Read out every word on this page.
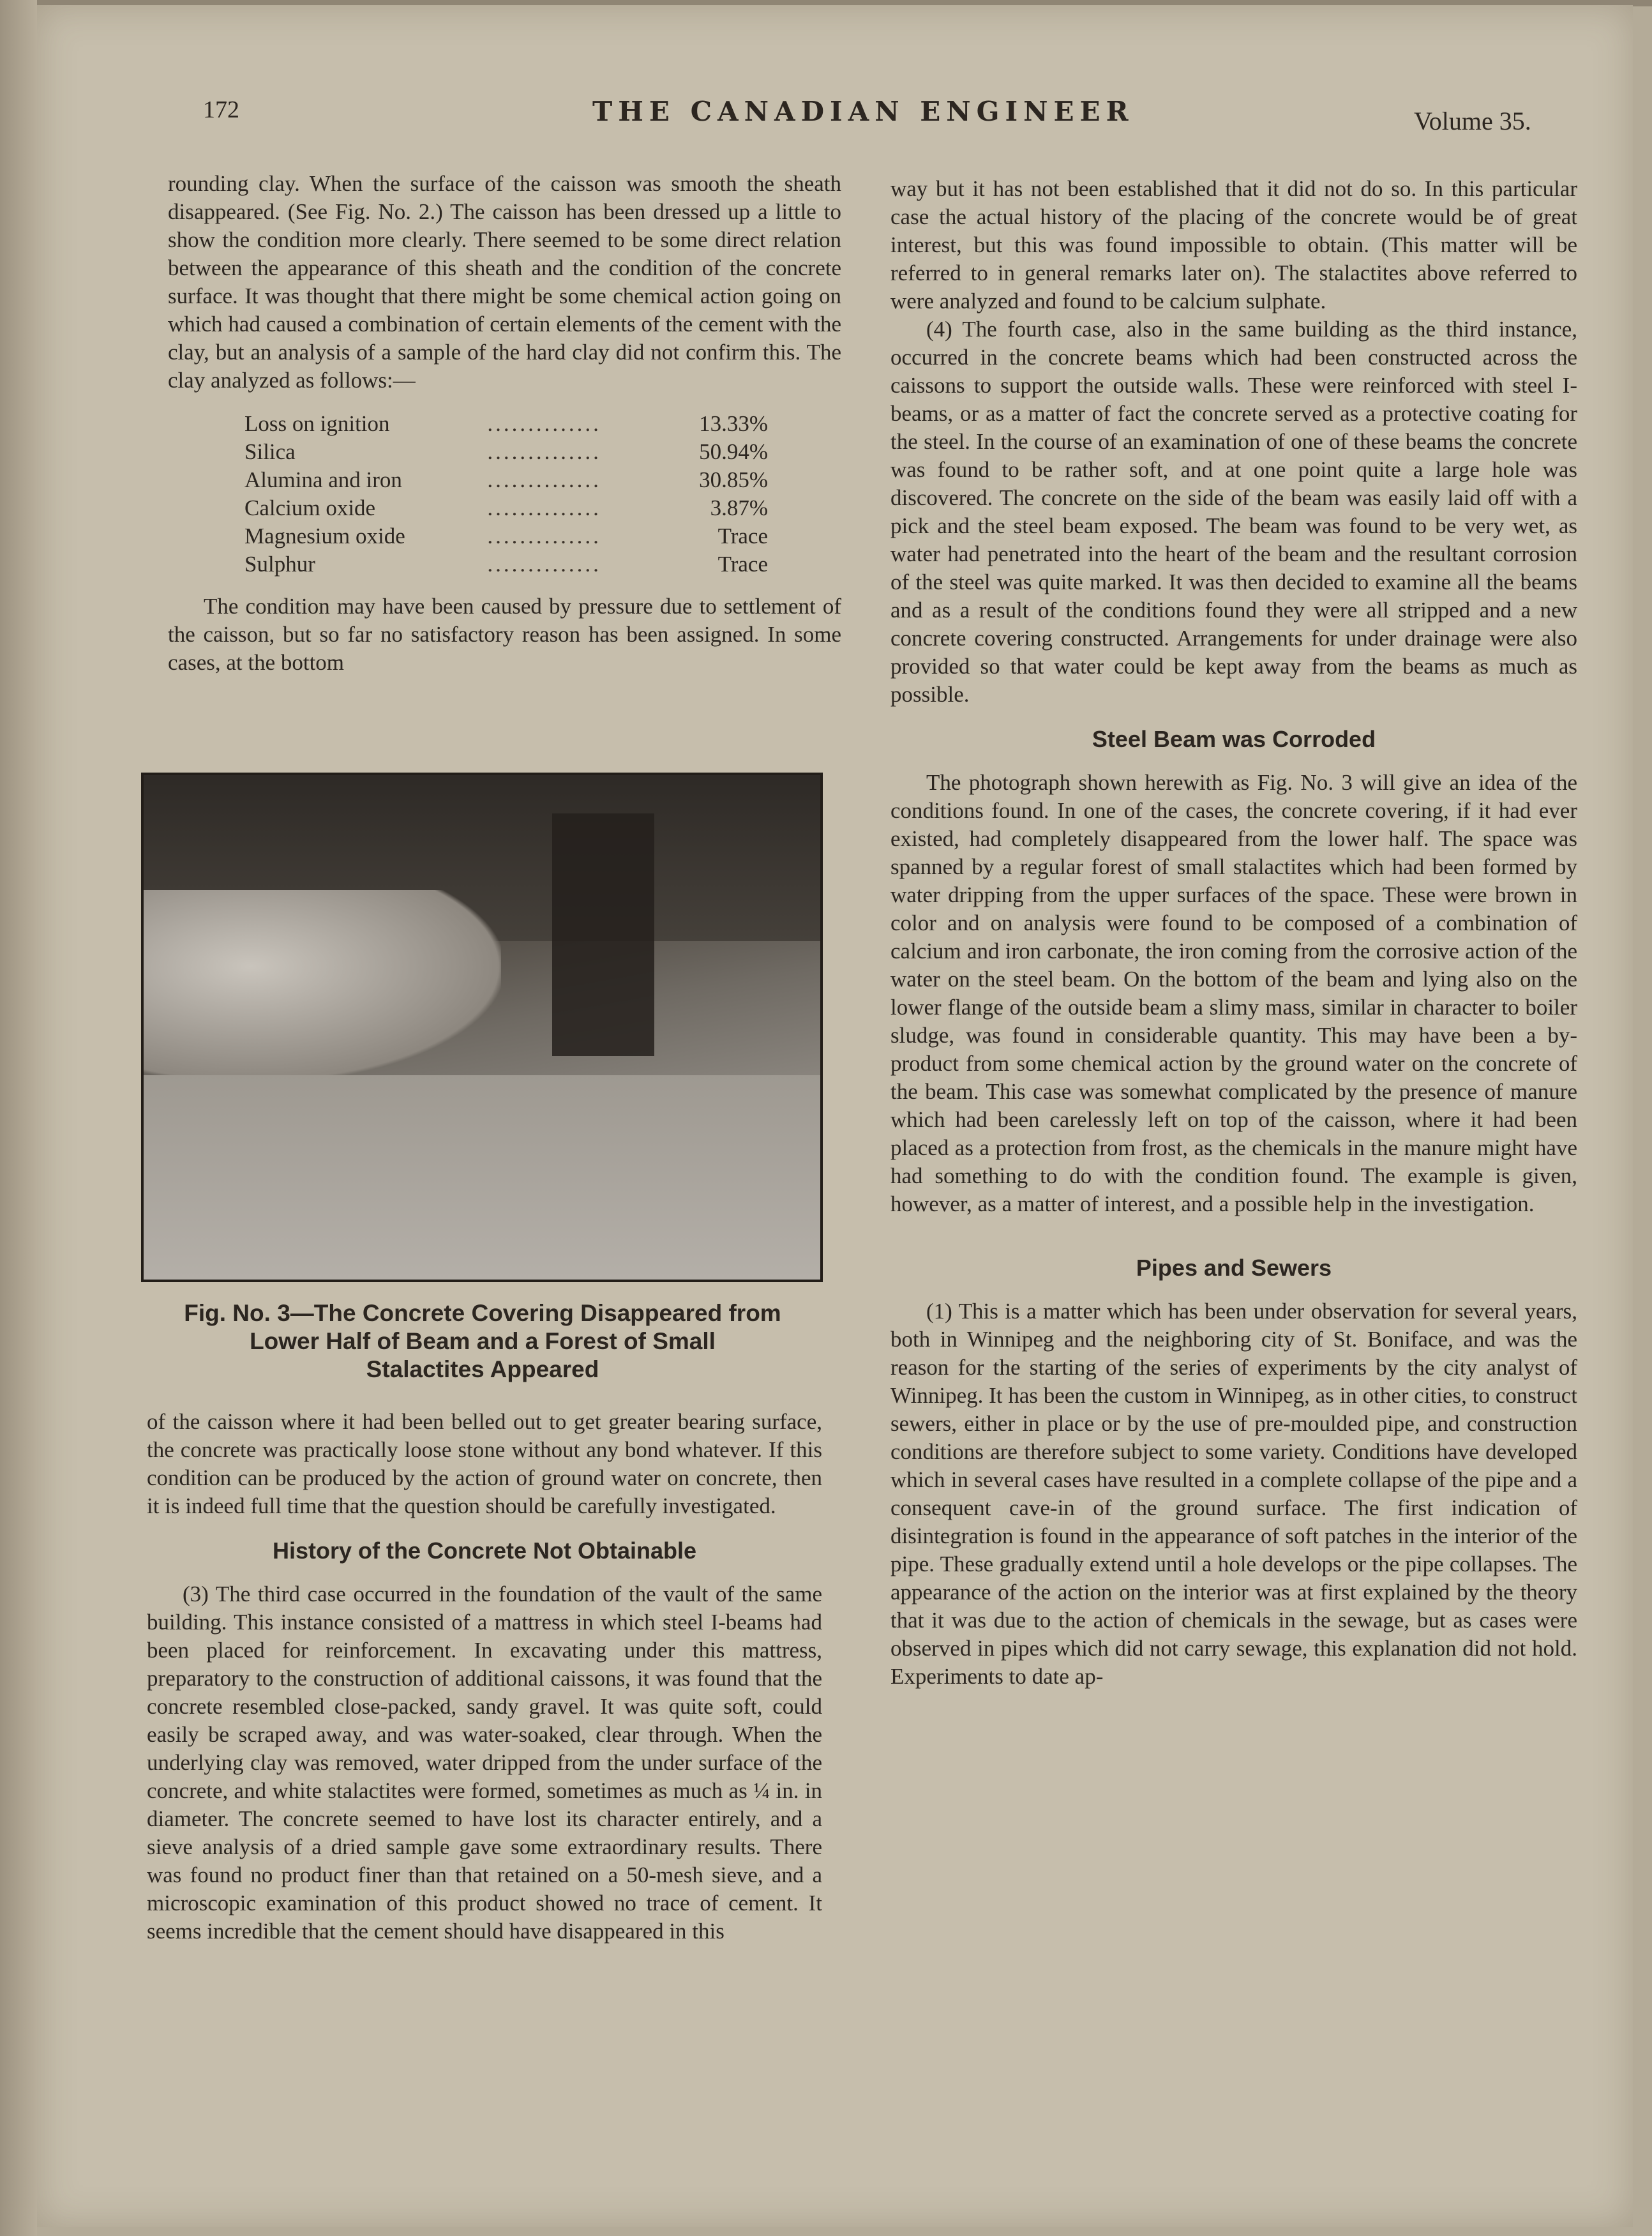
172	THE CANADIAN ENGINEER	Volume 35.

rounding clay. When the surface of the caisson was smooth the sheath disappeared. (See Fig. No. 2.) The caisson has been dressed up a little to show the condition more clearly. There seemed to be some direct relation between the appearance of this sheath and the condition of the concrete surface. It was thought that there might be some chemical action going on which had caused a combination of certain elements of the cement with the clay, but an analysis of a sample of the hard clay did not confirm this. The clay analyzed as follows:—

Loss on ignition	..............	13.33%
Silica	..............	50.94%
Alumina and iron	..............	30.85%
Calcium oxide	..............	3.87%
Magnesium oxide	..............	Trace
Sulphur	..............	Trace

The condition may have been caused by pressure due to settlement of the caisson, but so far no satisfactory reason has been assigned. In some cases, at the bottom

Fig. No. 3—The Concrete Covering Disappeared from
Lower Half of Beam and a Forest of Small
Stalactites Appeared

of the caisson where it had been belled out to get greater bearing surface, the concrete was practically loose stone without any bond whatever. If this condition can be produced by the action of ground water on concrete, then it is indeed full time that the question should be carefully investigated.

History of the Concrete Not Obtainable

(3) The third case occurred in the foundation of the vault of the same building. This instance consisted of a mattress in which steel I-beams had been placed for reinforcement. In excavating under this mattress, preparatory to the construction of additional caissons, it was found that the concrete resembled close-packed, sandy gravel. It was quite soft, could easily be scraped away, and was water-soaked, clear through. When the underlying clay was removed, water dripped from the under surface of the concrete, and white stalactites were formed, sometimes as much as ¼ in. in diameter. The concrete seemed to have lost its character entirely, and a sieve analysis of a dried sample gave some extraordinary results. There was found no product finer than that retained on a 50-mesh sieve, and a microscopic examination of this product showed no trace of cement. It seems incredible that the cement should have disappeared in this

way but it has not been established that it did not do so. In this particular case the actual history of the placing of the concrete would be of great interest, but this was found impossible to obtain. (This matter will be referred to in general remarks later on). The stalactites above referred to were analyzed and found to be calcium sulphate.

(4) The fourth case, also in the same building as the third instance, occurred in the concrete beams which had been constructed across the caissons to support the outside walls. These were reinforced with steel I-beams, or as a matter of fact the concrete served as a protective coating for the steel. In the course of an examination of one of these beams the concrete was found to be rather soft, and at one point quite a large hole was discovered. The concrete on the side of the beam was easily laid off with a pick and the steel beam exposed. The beam was found to be very wet, as water had penetrated into the heart of the beam and the resultant corrosion of the steel was quite marked. It was then decided to examine all the beams and as a result of the conditions found they were all stripped and a new concrete covering constructed. Arrangements for under drainage were also provided so that water could be kept away from the beams as much as possible.

Steel Beam was Corroded

The photograph shown herewith as Fig. No. 3 will give an idea of the conditions found. In one of the cases, the concrete covering, if it had ever existed, had completely disappeared from the lower half. The space was spanned by a regular forest of small stalactites which had been formed by water dripping from the upper surfaces of the space. These were brown in color and on analysis were found to be composed of a combination of calcium and iron carbonate, the iron coming from the corrosive action of the water on the steel beam. On the bottom of the beam and lying also on the lower flange of the outside beam a slimy mass, similar in character to boiler sludge, was found in considerable quantity. This may have been a by-product from some chemical action by the ground water on the concrete of the beam. This case was somewhat complicated by the presence of manure which had been carelessly left on top of the caisson, where it had been placed as a protection from frost, as the chemicals in the manure might have had something to do with the condition found. The example is given, however, as a matter of interest, and a possible help in the investigation.

Pipes and Sewers

(1) This is a matter which has been under observation for several years, both in Winnipeg and the neighboring city of St. Boniface, and was the reason for the starting of the series of experiments by the city analyst of Winnipeg. It has been the custom in Winnipeg, as in other cities, to construct sewers, either in place or by the use of pre-moulded pipe, and construction conditions are therefore subject to some variety. Conditions have developed which in several cases have resulted in a complete collapse of the pipe and a consequent cave-in of the ground surface. The first indication of disintegration is found in the appearance of soft patches in the interior of the pipe. These gradually extend until a hole develops or the pipe collapses. The appearance of the action on the interior was at first explained by the theory that it was due to the action of chemicals in the sewage, but as cases were observed in pipes which did not carry sewage, this explanation did not hold. Experiments to date ap-
